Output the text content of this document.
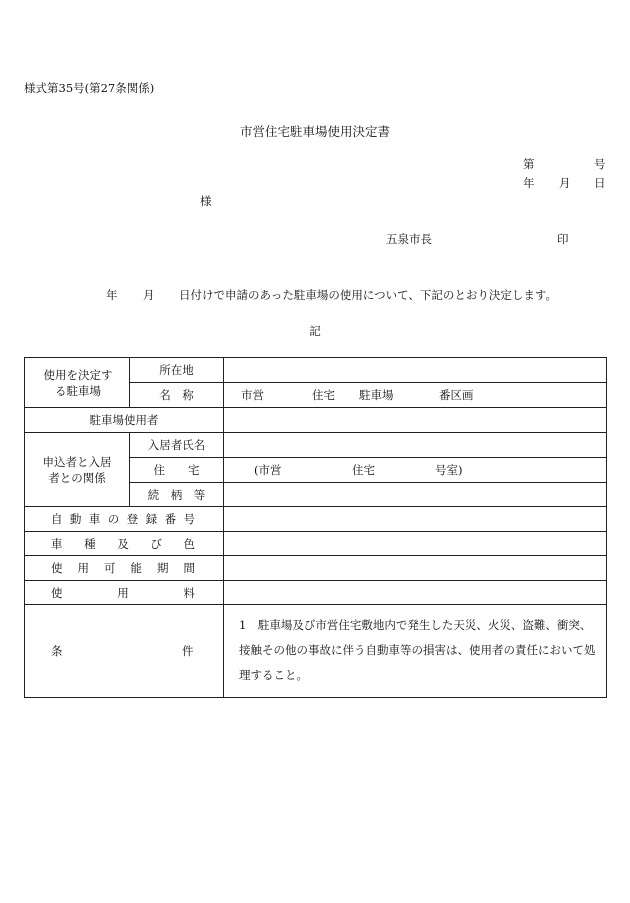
様式第35号(第27条関係)
市営住宅駐車場使用決定書
第	号
年 月 日
様
五泉市長	印
年 月 日付けで申請のあった駐車場の使用について、下記のとおり決定します。
記
使用を決定する駐車場	所在地	
	名　称	市営 住宅 駐車場 番区画

駐車場使用者		
申込者と入居者との関係	入居者氏名	
	住　　宅	(市営 住宅 号室)

	続　柄　等	
自動車の登録番号		
車種及び色		
使用可能期間		
使用料		

条 件		1　駐車場及び市営住宅敷地内で発生した天災、火災、盗難、衝突、接触その他の事故に伴う自動車等の損害は、使用者の責任において処理すること。
